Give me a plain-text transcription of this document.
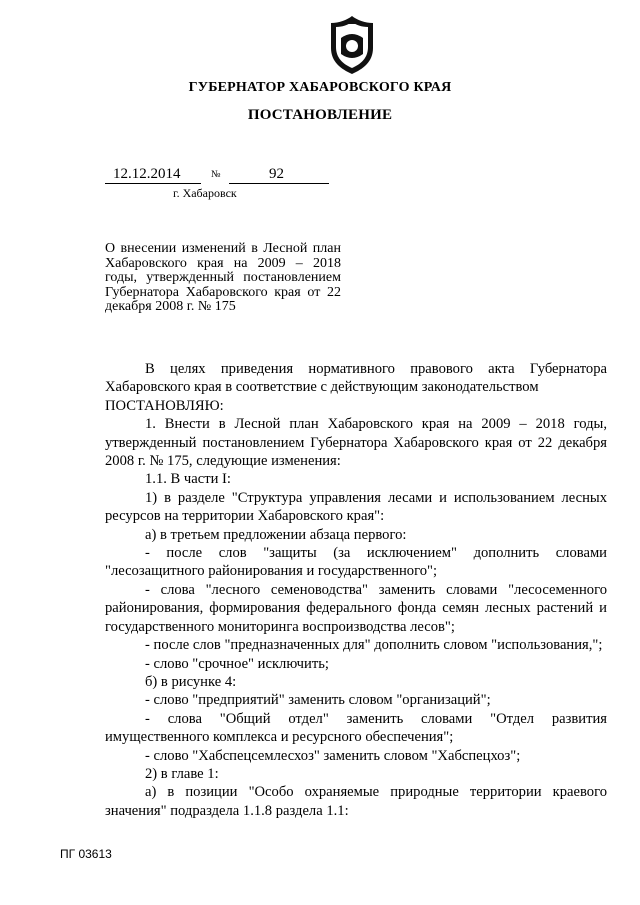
ГУБЕРНАТОР ХАБАРОВСКОГО КРАЯ
ПОСТАНОВЛЕНИЕ
12.12.2014	№	92
г. Хабаровск
О внесении изменений в Лесной план Хабаровского края на 2009 – 2018 годы, утвержденный постановлением Губернатора Хабаровского края от 22 декабря 2008 г. № 175

В целях приведения нормативного правового акта Губернатора Хабаровского края в соответствие с действующим законодательством

ПОСТАНОВЛЯЮ:

1. Внести в Лесной план Хабаровского края на 2009 – 2018 годы, утвержденный постановлением Губернатора Хабаровского края от 22 декабря 2008 г. № 175, следующие изменения:

1.1. В части I:

1) в разделе "Структура управления лесами и использованием лесных ресурсов на территории Хабаровского края":

а) в третьем предложении абзаца первого:

- после слов "защиты (за исключением" дополнить словами "лесозащитного районирования и государственного";

- слова "лесного семеноводства" заменить словами "лесосеменного районирования, формирования федерального фонда семян лесных растений и государственного мониторинга воспроизводства лесов";

- после слов "предназначенных для" дополнить словом "использования,";

- слово "срочное" исключить;

б) в рисунке 4:

- слово "предприятий" заменить словом "организаций";

- слова "Общий отдел" заменить словами "Отдел развития имущественного комплекса и ресурсного обеспечения";

- слово "Хабспецсемлесхоз" заменить словом "Хабспецхоз";

2) в главе 1:

а) в позиции "Особо охраняемые природные территории краевого значения" подраздела 1.1.8 раздела 1.1:

ПГ 03613
